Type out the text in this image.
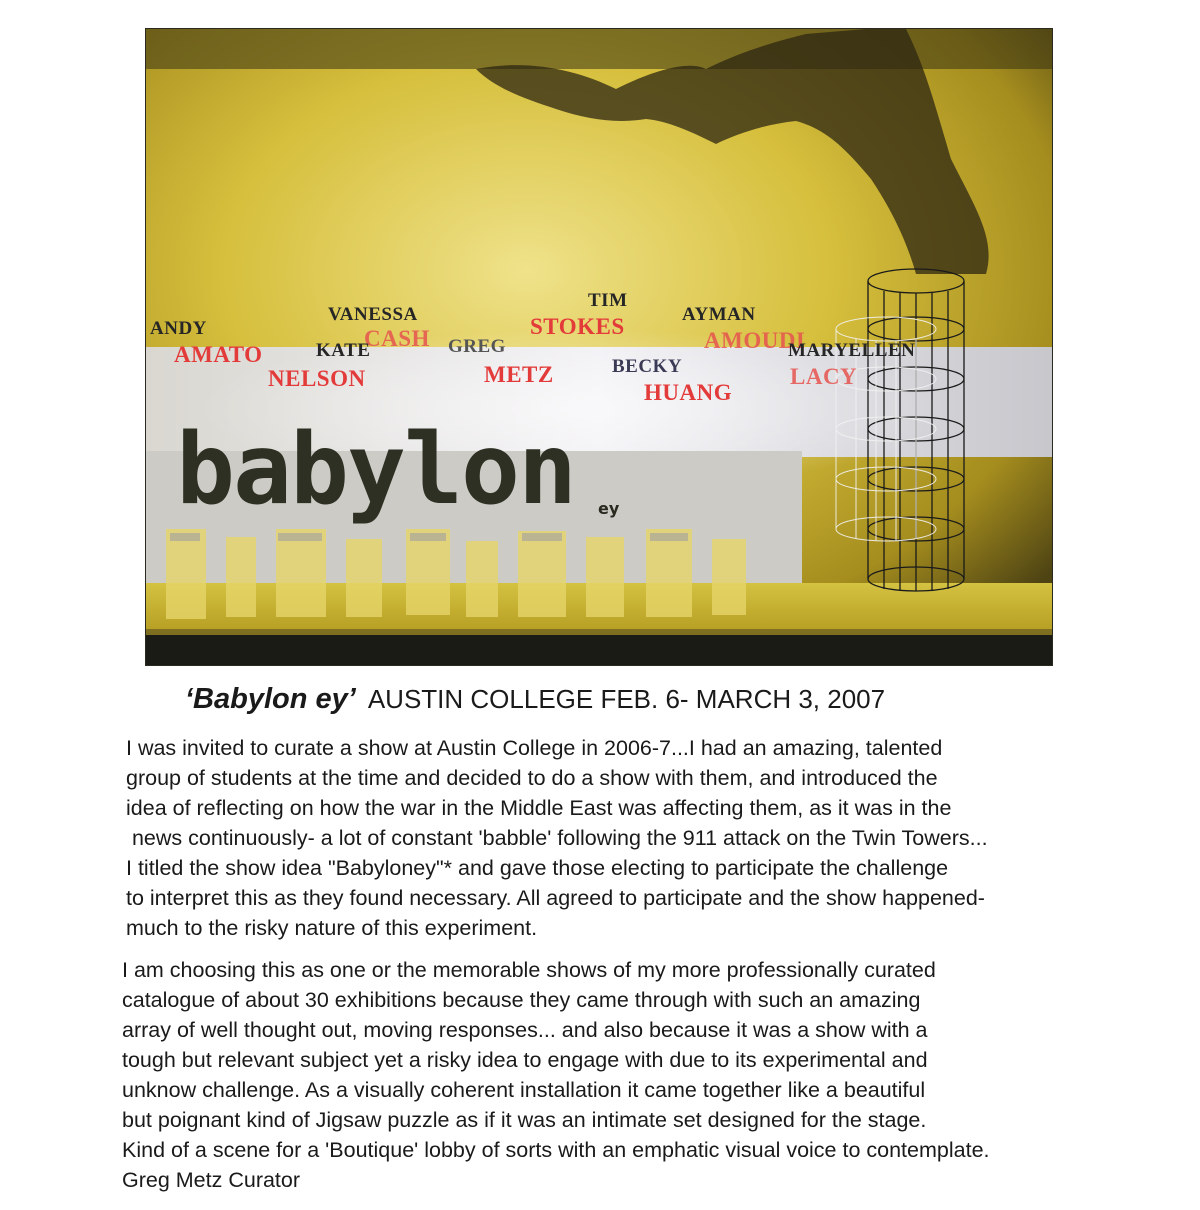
ANDY
AMATO
VANESSA
CASH
KATE
NELSON
GREG
METZ
TIM
STOKES
BECKY
HUANG
AYMAN
AMOUDI
MARYELLEN
LACY
babylon ey
‘Babylon ey’ AUSTIN COLLEGE FEB. 6- MARCH 3, 2007
I was invited to curate a show at Austin College in 2006-7...I had an amazing, talented
group of students at the time and decided to do a show with them, and introduced the
idea of reflecting on how the war in the Middle East was affecting them, as it was in the
news continuously- a lot of constant 'babble' following the 911 attack on the Twin Towers...
I titled the show idea "Babyloney"* and gave those electing to participate the challenge
to interpret this as they found necessary. All agreed to participate and the show happened-
much to the risky nature of this experiment.
I am choosing this as one or the memorable shows of my more professionally curated
catalogue of about 30 exhibitions because they came through with such an amazing
array of well thought out, moving responses... and also because it was a show with a
tough but relevant subject yet a risky idea to engage with due to its experimental and
unknow challenge. As a visually coherent installation it came together like a beautiful
but poignant kind of Jigsaw puzzle as if it was an intimate set designed for the stage.
Kind of a scene for a 'Boutique' lobby of sorts with an emphatic visual voice to contemplate.
Greg Metz Curator
